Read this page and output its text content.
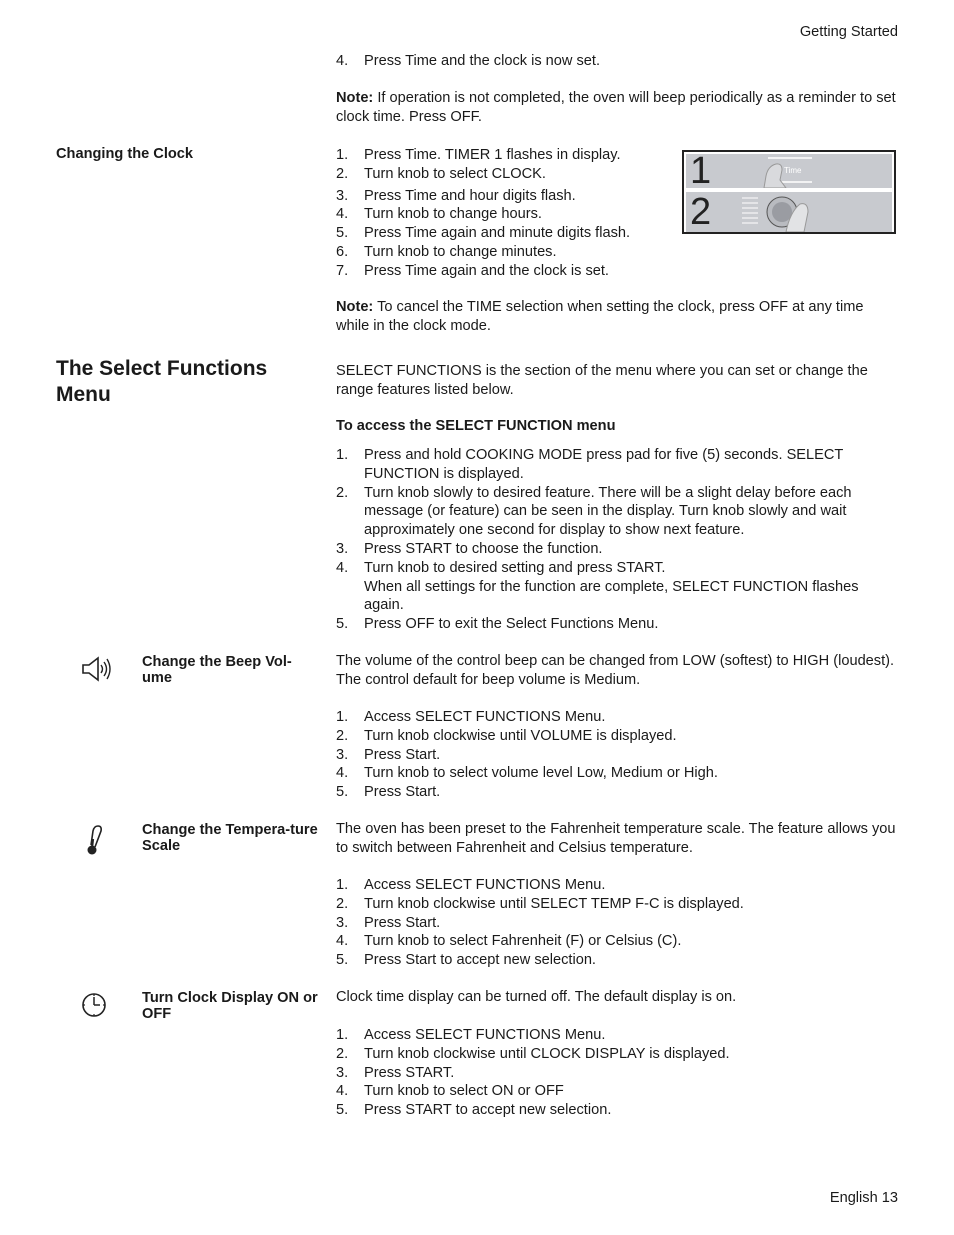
Getting Started
English 13
4. Press Time and the clock is now set.

Note: If operation is not completed, the oven will beep periodically as a reminder to set clock time. Press OFF.

Changing the Clock	1. Press Time. TIMER 1 flashes in display.
2. Turn knob to select CLOCK.
3. Press Time and hour digits flash.
4. Turn knob to change hours.
5. Press Time again and minute digits flash.
6. Turn knob to change minutes.
7. Press Time again and the clock is set.
1	Time
2

Note: To cancel the TIME selection when setting the clock, press OFF at any time while in the clock mode.

The Select Functions Menu

SELECT FUNCTIONS is the section of the menu where you can set or change the range features listed below.

To access the SELECT FUNCTION menu
1. Press and hold COOKING MODE press pad for five (5) seconds. SELECT FUNCTION is displayed.
2. Turn knob slowly to desired feature. There will be a slight delay before each message (or feature) can be seen in the display. Turn knob slowly and wait approximately one second for display to show next feature.
3. Press START to choose the function.
4. Turn knob to desired setting and press START.
When all settings for the function are complete, SELECT FUNCTION flashes again.
5. Press OFF to exit the Select Functions Menu.
Change the Beep Vol-ume

The volume of the control beep can be changed from LOW (softest) to HIGH (loudest). The control default for beep volume is Medium.

1. Access SELECT FUNCTIONS Menu.
2. Turn knob clockwise until VOLUME is displayed.
3. Press Start.
4. Turn knob to select volume level Low, Medium or High.
5. Press Start.
Change the Tempera-ture Scale

The oven has been preset to the Fahrenheit temperature scale. The feature allows you to switch between Fahrenheit and Celsius temperature.

1. Access SELECT FUNCTIONS Menu.
2. Turn knob clockwise until SELECT TEMP F-C is displayed.
3. Press Start.
4. Turn knob to select Fahrenheit (F) or Celsius (C).
5. Press Start to accept new selection.
Turn Clock Display ON or OFF

Clock time display can be turned off. The default display is on.

1. Access SELECT FUNCTIONS Menu.
2. Turn knob clockwise until CLOCK DISPLAY is displayed.
3. Press START.
4. Turn knob to select ON or OFF
5. Press START to accept new selection.
